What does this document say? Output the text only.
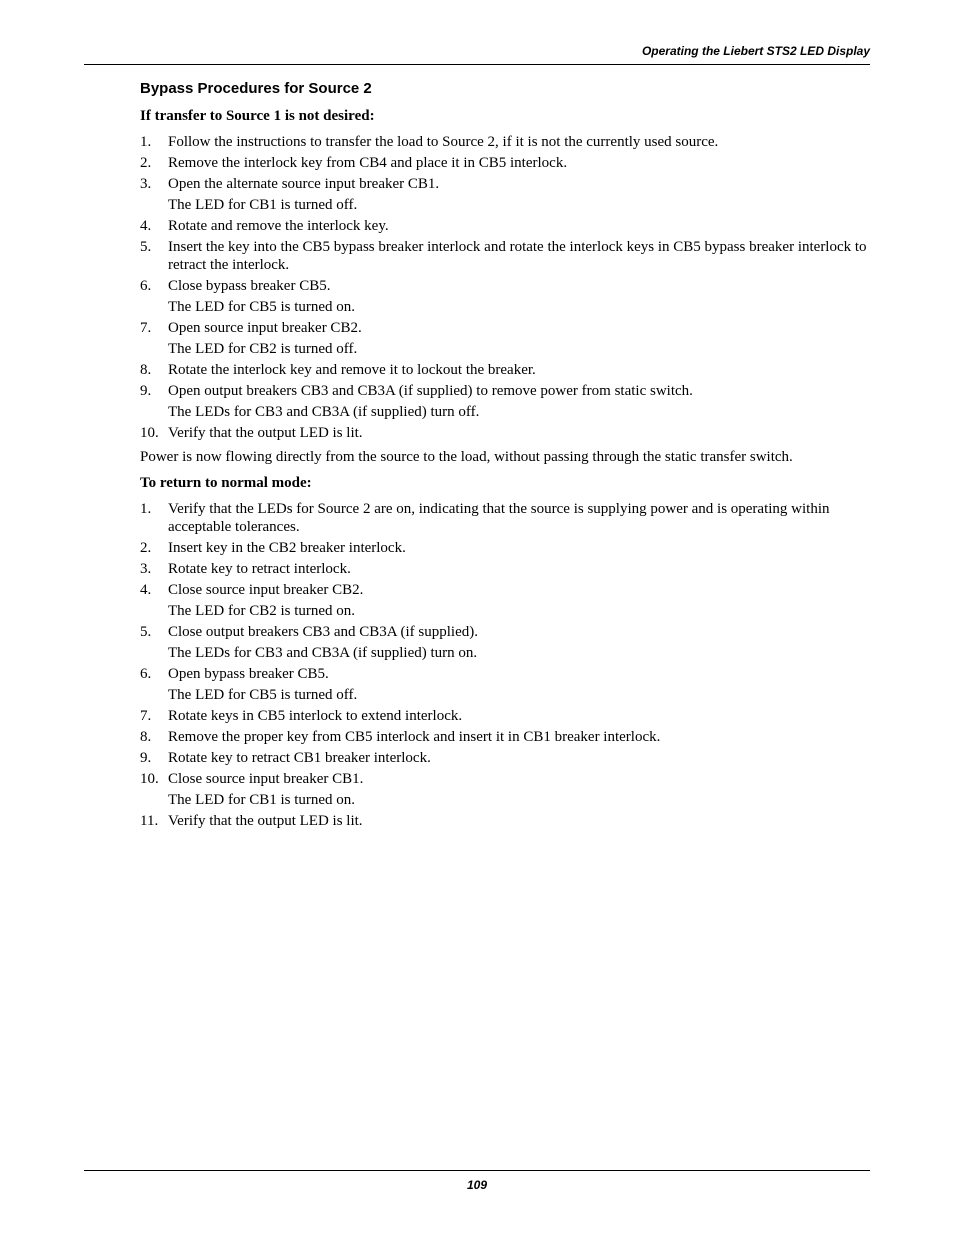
Operating the Liebert STS2 LED Display
Bypass Procedures for Source 2

If transfer to Source 1 is not desired:

1. Follow the instructions to transfer the load to Source 2, if it is not the currently used source.
2. Remove the interlock key from CB4 and place it in CB5 interlock.
3. Open the alternate source input breaker CB1.
The LED for CB1 is turned off.
4. Rotate and remove the interlock key.
5. Insert the key into the CB5 bypass breaker interlock and rotate the interlock keys in CB5 bypass breaker interlock to retract the interlock.
6. Close bypass breaker CB5.
The LED for CB5 is turned on.
7. Open source input breaker CB2.
The LED for CB2 is turned off.
8. Rotate the interlock key and remove it to lockout the breaker.
9. Open output breakers CB3 and CB3A (if supplied) to remove power from static switch.
The LEDs for CB3 and CB3A (if supplied) turn off.
10. Verify that the output LED is lit.

Power is now flowing directly from the source to the load, without passing through the static transfer switch.

To return to normal mode:

1. Verify that the LEDs for Source 2 are on, indicating that the source is supplying power and is operating within acceptable tolerances.
2. Insert key in the CB2 breaker interlock.
3. Rotate key to retract interlock.
4. Close source input breaker CB2.
The LED for CB2 is turned on.
5. Close output breakers CB3 and CB3A (if supplied).
The LEDs for CB3 and CB3A (if supplied) turn on.
6. Open bypass breaker CB5.
The LED for CB5 is turned off.
7. Rotate keys in CB5 interlock to extend interlock.
8. Remove the proper key from CB5 interlock and insert it in CB1 breaker interlock.
9. Rotate key to retract CB1 breaker interlock.
10. Close source input breaker CB1.
The LED for CB1 is turned on.
11. Verify that the output LED is lit.
109
